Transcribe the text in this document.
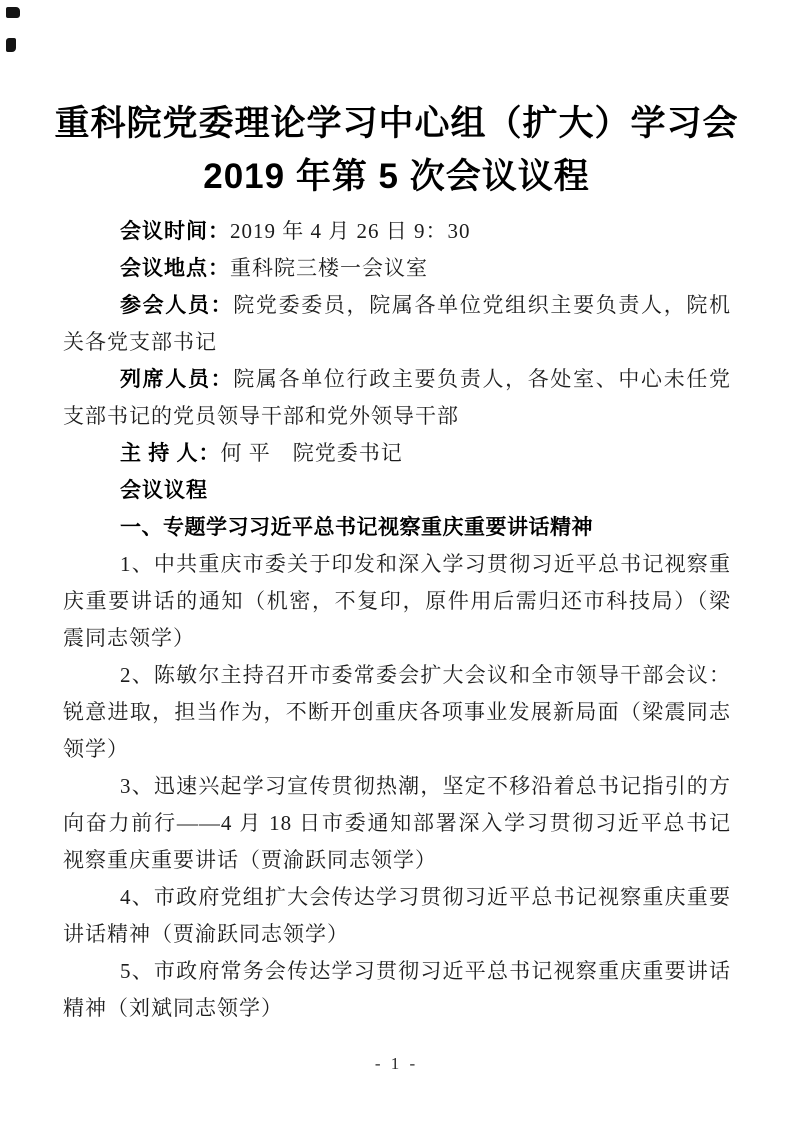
重科院党委理论学习中心组（扩大）学习会
2019 年第 5 次会议议程

会议时间：2019 年 4 月 26 日 9：30

会议地点：重科院三楼一会议室

参会人员：院党委委员，院属各单位党组织主要负责人，院机关各党支部书记

列席人员：院属各单位行政主要负责人，各处室、中心未任党支部书记的党员领导干部和党外领导干部

主 持 人：何 平　院党委书记

会议议程

一、专题学习习近平总书记视察重庆重要讲话精神

1、中共重庆市委关于印发和深入学习贯彻习近平总书记视察重庆重要讲话的通知（机密，不复印，原件用后需归还市科技局）（梁震同志领学）

2、陈敏尔主持召开市委常委会扩大会议和全市领导干部会议：锐意进取，担当作为，不断开创重庆各项事业发展新局面（梁震同志领学）

3、迅速兴起学习宣传贯彻热潮，坚定不移沿着总书记指引的方向奋力前行——4 月 18 日市委通知部署深入学习贯彻习近平总书记视察重庆重要讲话（贾渝跃同志领学）

4、市政府党组扩大会传达学习贯彻习近平总书记视察重庆重要讲话精神（贾渝跃同志领学）

5、市政府常务会传达学习贯彻习近平总书记视察重庆重要讲话精神（刘斌同志领学）

- 1 -
